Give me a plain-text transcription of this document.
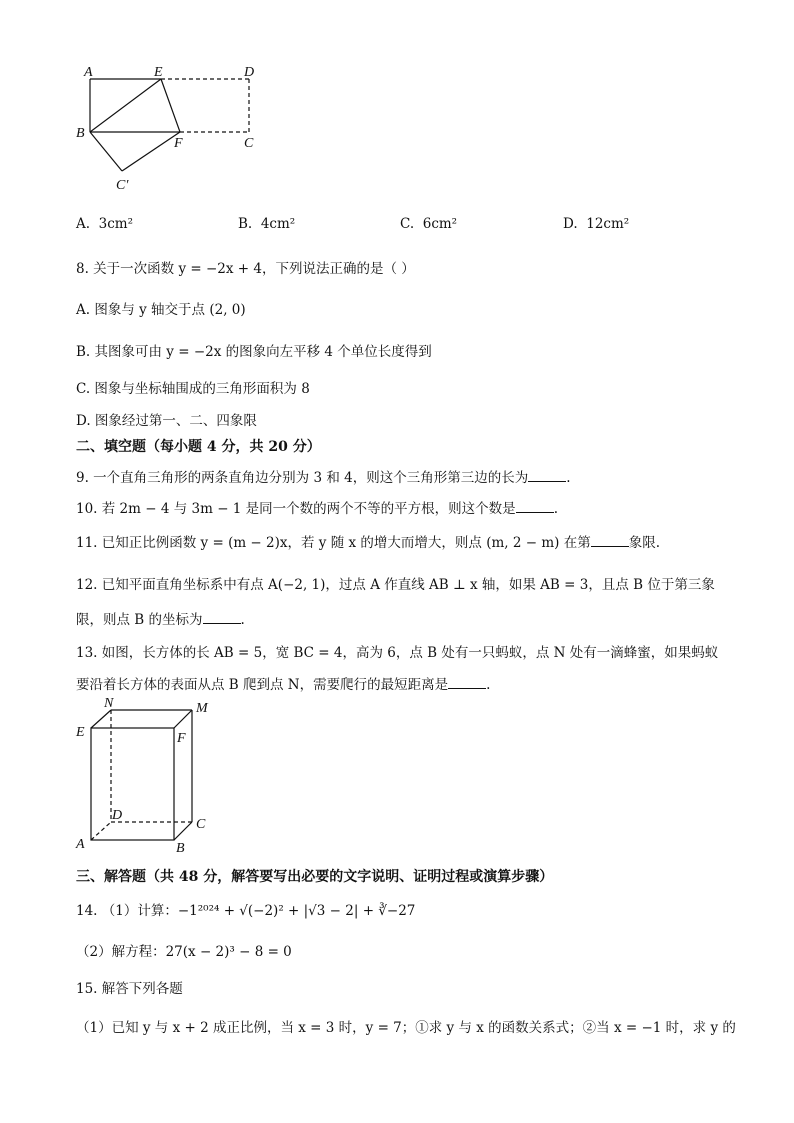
A	E	D
B
F	C
C′
A. 3cm²	B. 4cm²	C. 6cm²	D. 12cm²
8. 关于一次函数 y = −2x + 4，下列说法正确的是（ ）
A. 图象与 y 轴交于点 (2, 0)
B. 其图象可由 y = −2x 的图象向左平移 4 个单位长度得到
C. 图象与坐标轴围成的三角形面积为 8
D. 图象经过第一、二、四象限
二、填空题（每小题 4 分，共 20 分）
9. 一个直角三角形的两条直角边分别为 3 和 4，则这个三角形第三边的长为	.
10. 若 2m − 4 与 3m − 1 是同一个数的两个不等的平方根，则这个数是	.
11. 已知正比例函数 y = (m − 2)x，若 y 随 x 的增大而增大，则点 (m, 2 − m) 在第	象限.
12. 已知平面直角坐标系中有点 A(−2, 1)，过点 A 作直线 AB ⊥ x 轴，如果 AB = 3，且点 B 位于第三象
限，则点 B 的坐标为	.
13. 如图，长方体的长 AB = 5，宽 BC = 4，高为 6，点 B 处有一只蚂蚁，点 N 处有一滴蜂蜜，如果蚂蚁
要沿着长方体的表面从点 B 爬到点 N，需要爬行的最短距离是	.
N	M
E	F
D
C
A	B
三、解答题（共 48 分，解答要写出必要的文字说明、证明过程或演算步骤）
14. （1）计算：−1²⁰²⁴ + √(−2)² + |√3 − 2| + ∛−27
（2）解方程：27(x − 2)³ − 8 = 0
15. 解答下列各题
（1）已知 y 与 x + 2 成正比例，当 x = 3 时，y = 7；①求 y 与 x 的函数关系式；②当 x = −1 时，求 y 的
